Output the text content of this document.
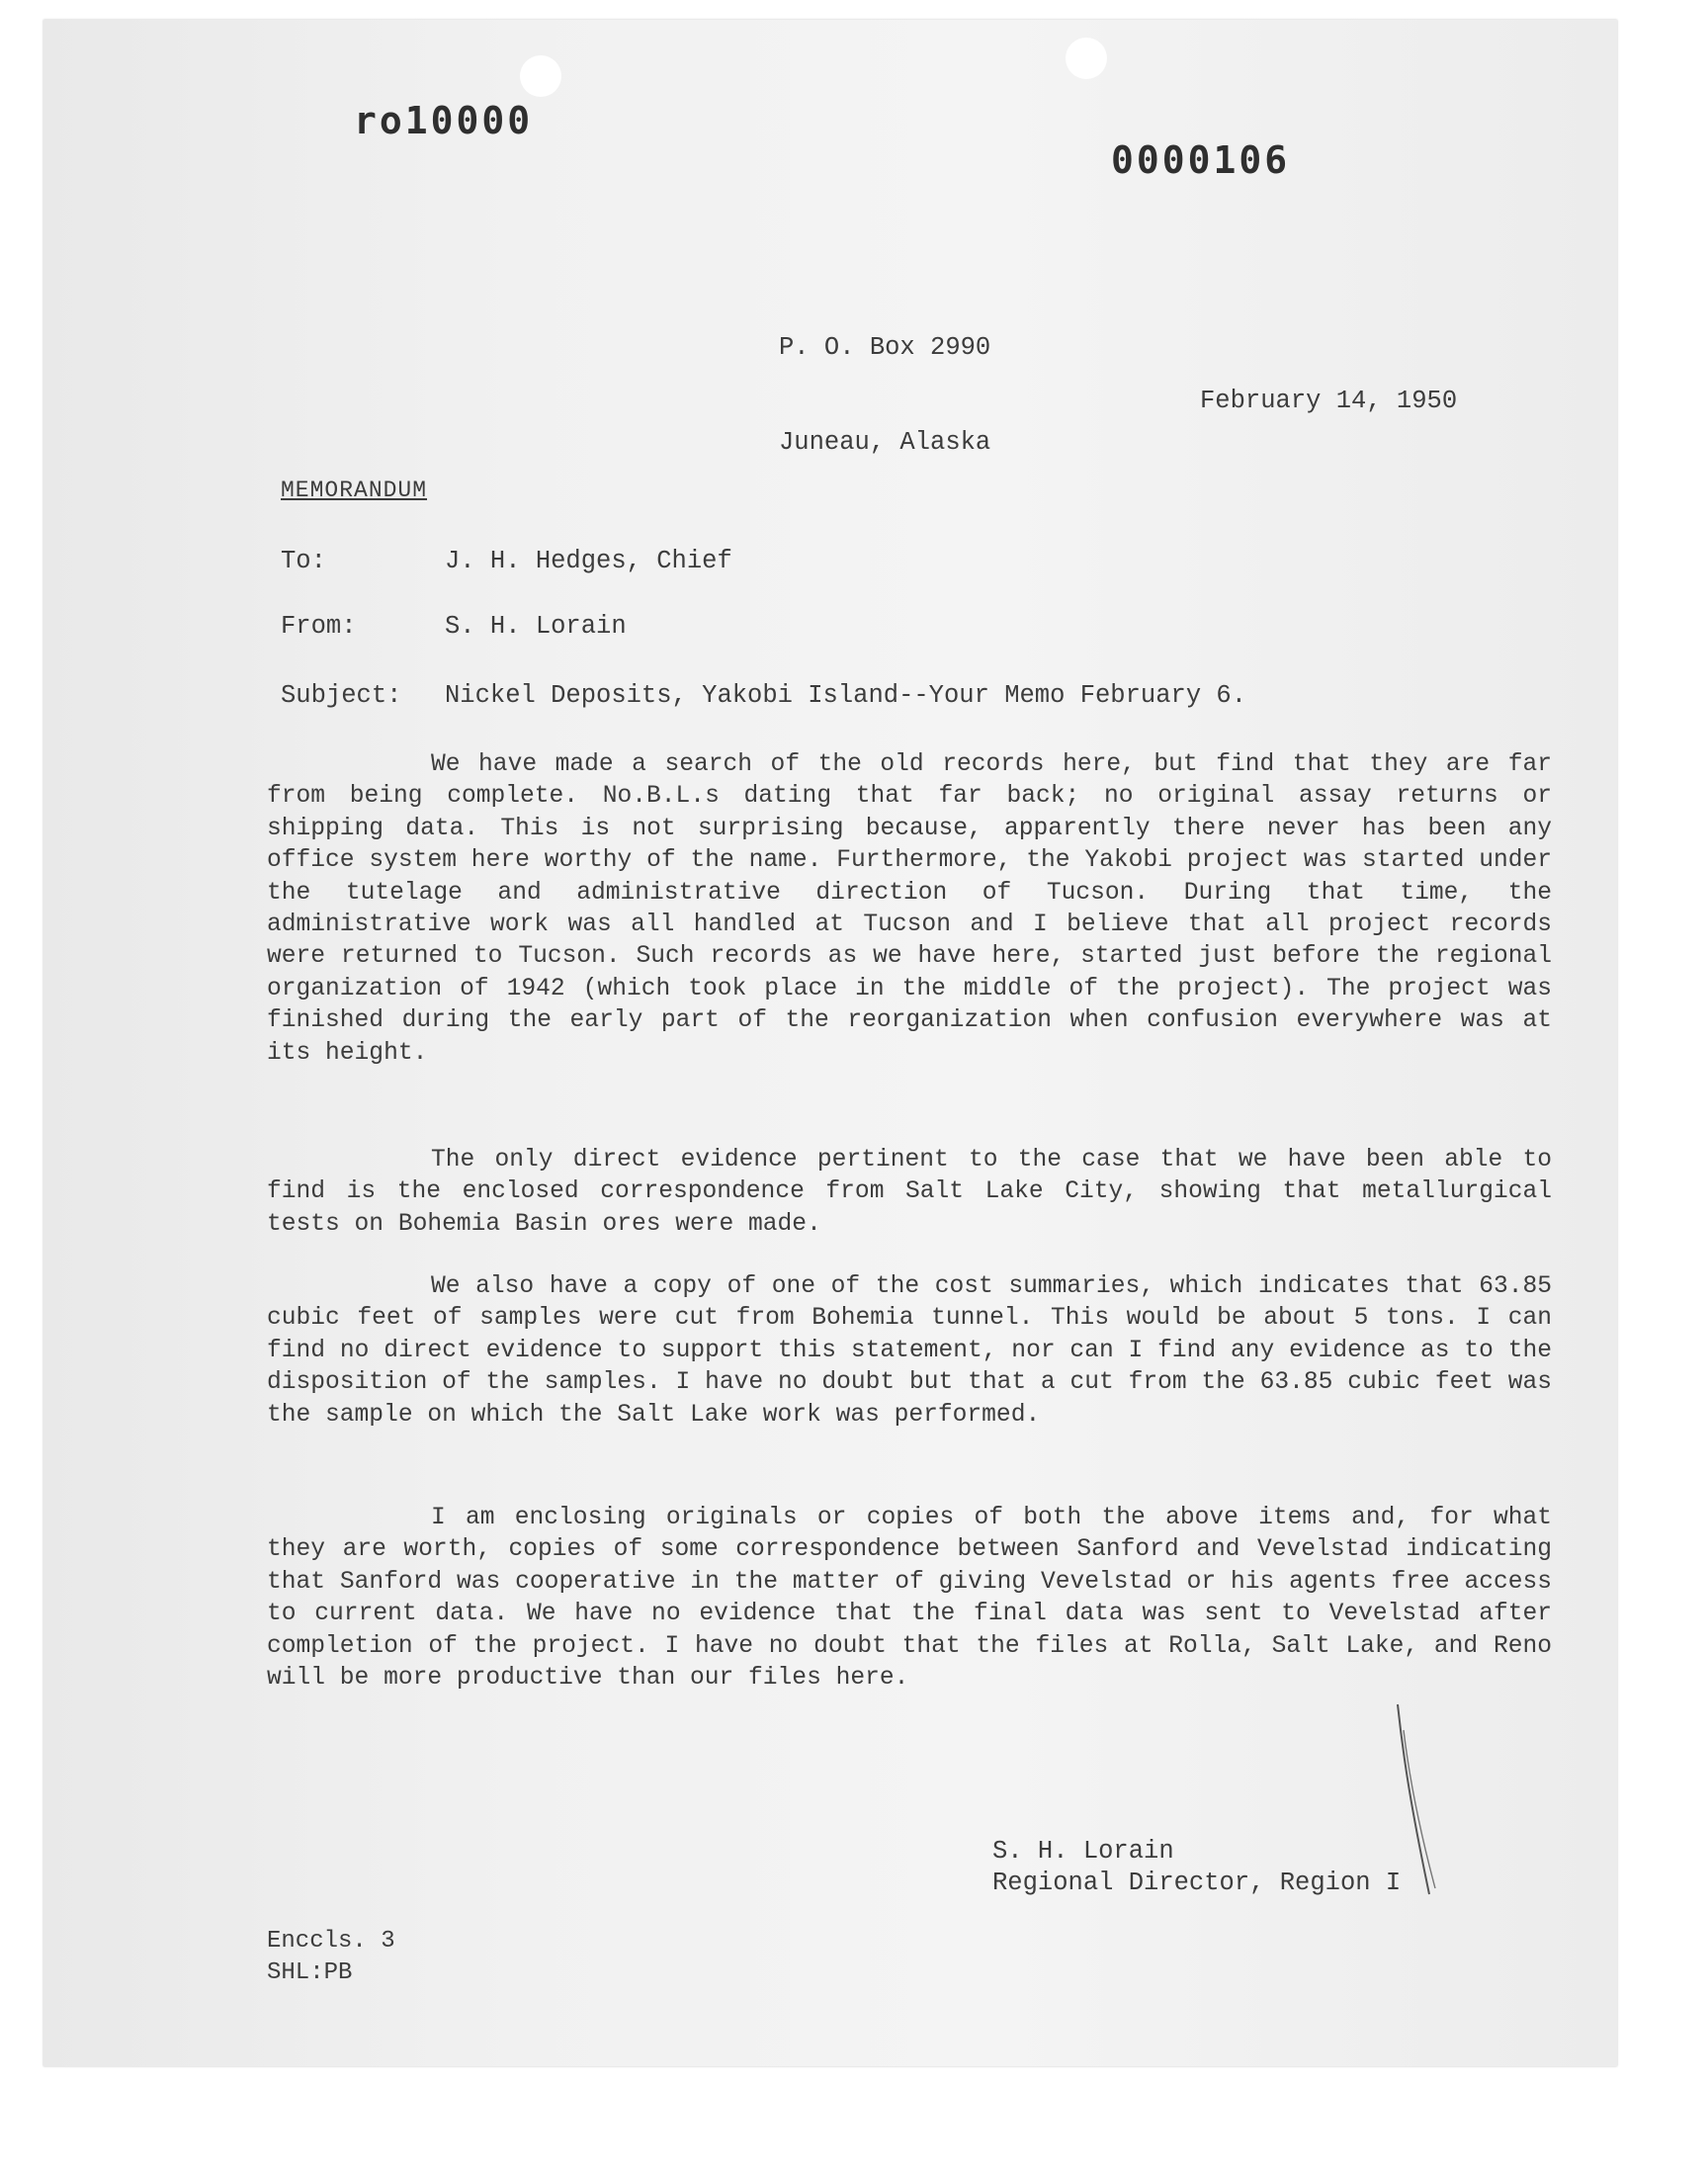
ro10000
0000106

P. O. Box 2990

Juneau, Alaska

February 14, 1950
MEMORANDUM
To:	J. H. Hedges, Chief
From:	S. H. Lorain
Subject: Nickel Deposits, Yakobi Island--Your Memo February 6.
We have made a search of the old records here, but find that they are far from being complete. No.B.L.s dating that far back; no original assay returns or shipping data. This is not surprising because, apparently there never has been any office system here worthy of the name. Furthermore, the Yakobi project was started under the tutelage and administrative direction of Tucson. During that time, the administrative work was all handled at Tucson and I believe that all project records were returned to Tucson. Such records as we have here, started just before the regional organization of 1942 (which took place in the middle of the project). The project was finished during the early part of the reorganization when confusion everywhere was at its height.
The only direct evidence pertinent to the case that we have been able to find is the enclosed correspondence from Salt Lake City, showing that metallurgical tests on Bohemia Basin ores were made.
We also have a copy of one of the cost summaries, which indicates that 63.85 cubic feet of samples were cut from Bohemia tunnel. This would be about 5 tons. I can find no direct evidence to support this statement, nor can I find any evidence as to the disposition of the samples. I have no doubt but that a cut from the 63.85 cubic feet was the sample on which the Salt Lake work was performed.
I am enclosing originals or copies of both the above items and, for what they are worth, copies of some correspondence between Sanford and Vevelstad indicating that Sanford was cooperative in the matter of giving Vevelstad or his agents free access to current data. We have no evidence that the final data was sent to Vevelstad after completion of the project. I have no doubt that the files at Rolla, Salt Lake, and Reno will be more productive than our files here.
S. H. Lorain
Regional Director, Region I
Enccls. 3
SHL:PB
